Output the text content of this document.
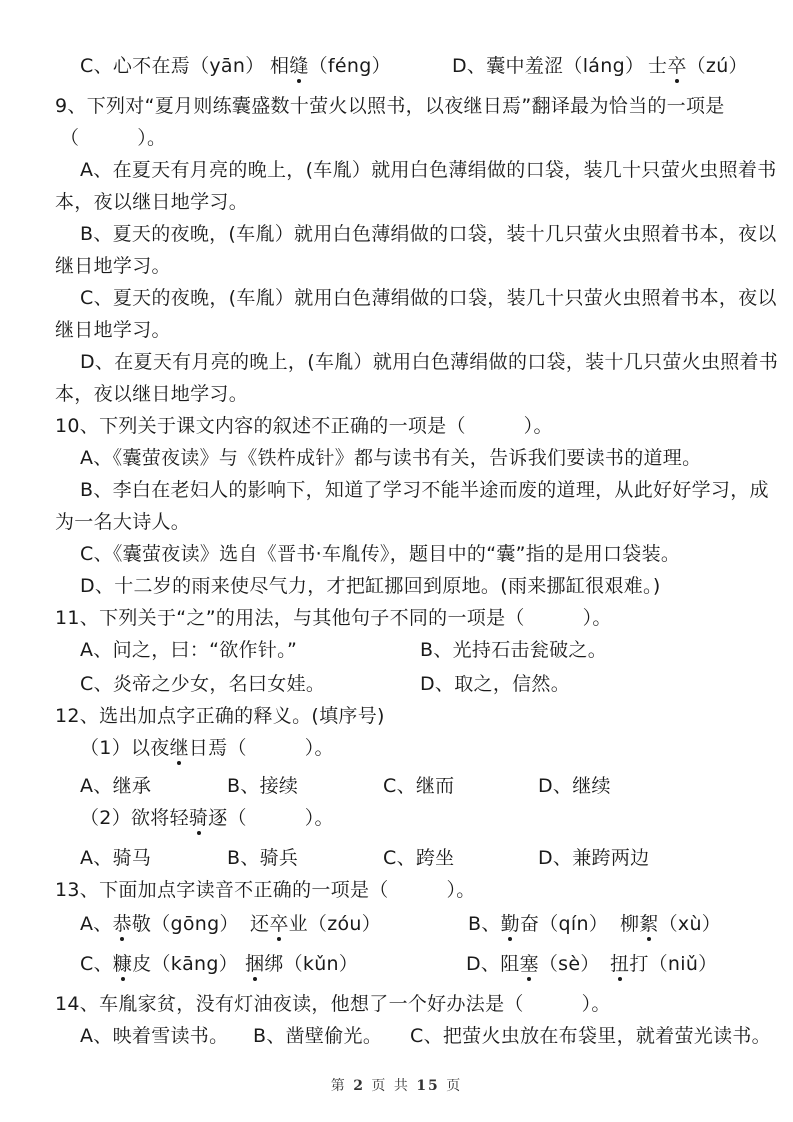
C、心不在焉（yān） 相缝（féng）	D、囊中羞涩（láng） 士卒（zú）
9、下列对“夏月则练囊盛数十萤火以照书，以夜继日焉”翻译最为恰当的一项是
（　　　）。
A、在夏天有月亮的晚上，(车胤）就用白色薄绢做的口袋，装几十只萤火虫照着书
本，夜以继日地学习。
B、夏天的夜晚，(车胤）就用白色薄绢做的口袋，装十几只萤火虫照着书本，夜以
继日地学习。
C、夏天的夜晚，(车胤）就用白色薄绢做的口袋，装几十只萤火虫照着书本，夜以
继日地学习。
D、在夏天有月亮的晚上，(车胤）就用白色薄绢做的口袋，装十几只萤火虫照着书
本，夜以继日地学习。
10、下列关于课文内容的叙述不正确的一项是（　　　）。
A、《囊萤夜读》与《铁杵成针》都与读书有关，告诉我们要读书的道理。
B、李白在老妇人的影响下，知道了学习不能半途而废的道理，从此好好学习，成
为一名大诗人。
C、《囊萤夜读》选自《晋书·车胤传》，题目中的“囊”指的是用口袋装。
D、十二岁的雨来使尽气力，才把缸挪回到原地。(雨来挪缸很艰难。)
11、下列关于“之”的用法，与其他句子不同的一项是（　　　）。
A、问之，曰：“欲作针。”	B、光持石击瓮破之。
C、炎帝之少女，名曰女娃。	D、取之，信然。
12、选出加点字正确的释义。(填序号)
（1）以夜继日焉（　　　）。
A、继承	B、接续	C、继而	D、继续
（2）欲将轻骑逐（　　　）。
A、骑马	B、骑兵	C、跨坐	D、兼跨两边
13、下面加点字读音不正确的一项是（　　　）。
A、恭敬（gōng） 还卒业（zóu）	B、勤奋（qín） 柳絮（xù）
C、糠皮（kāng） 捆绑（kǔn）	D、阻塞（sè） 扭打（niǔ）
14、车胤家贫，没有灯油夜读，他想了一个好办法是（　　　）。
A、映着雪读书。 B、凿壁偷光。 C、把萤火虫放在布袋里，就着萤光读书。
第 2 页 共 15 页
